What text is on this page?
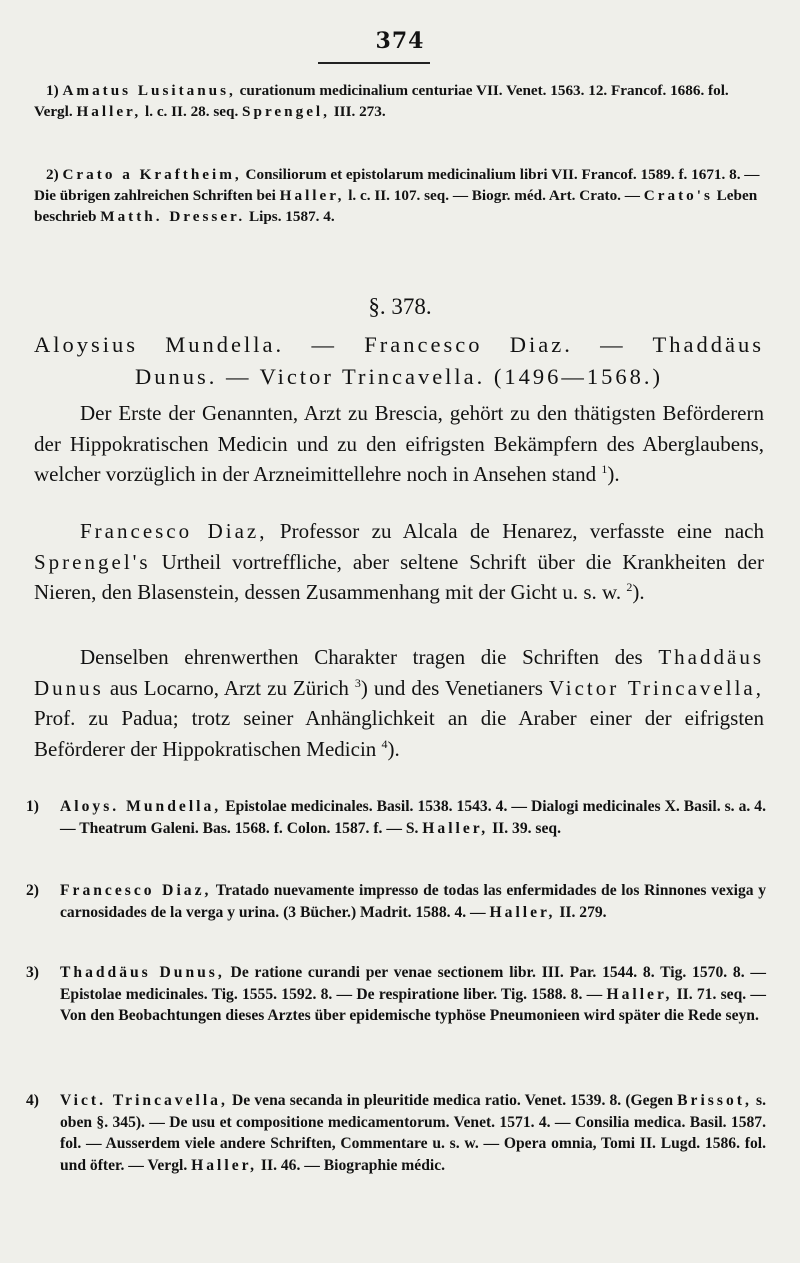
374
1) Amatus Lusitanus, curationum medicinalium centuriae VII. Venet. 1563. 12. Francof. 1686. fol. Vergl. Haller, l. c. II. 28. seq. Sprengel, III. 273.
2) Crato a Kraftheim, Consiliorum et epistolarum medicinalium libri VII. Francof. 1589. f. 1671. 8. — Die übrigen zahlreichen Schriften bei Haller, l. c. II. 107. seq. — Biogr. méd. Art. Crato. — Crato's Leben beschrieb Matth. Dresser. Lips. 1587. 4.
§. 378.
Aloysius Mundella. — Francesco Diaz. — Thaddäus
Dunus. — Victor Trincavella. (1496—1568.)
Der Erste der Genannten, Arzt zu Brescia, gehört zu den thätigsten Beförderern der Hippokratischen Medicin und zu den eifrigsten Bekämpfern des Aberglaubens, welcher vorzüglich in der Arzneimittellehre noch in Ansehen stand $^1$).
Francesco Diaz, Professor zu Alcala de Henarez, verfasste eine nach Sprengel's Urtheil vortreffliche, aber seltene Schrift über die Krankheiten der Nieren, den Blasenstein, dessen Zusammenhang mit der Gicht u. s. w. $^2$).
Denselben ehrenwerthen Charakter tragen die Schriften des Thaddäus Dunus aus Locarno, Arzt zu Zürich $^3$) und des Venetianers Victor Trincavella, Prof. zu Padua; trotz seiner Anhänglichkeit an die Araber einer der eifrigsten Beförderer der Hippokratischen Medicin $^4$).
1) Aloys. Mundella, Epistolae medicinales. Basil. 1538. 1543. 4. — Dialogi medicinales X. Basil. s. a. 4. — Theatrum Galeni. Bas. 1568. f. Colon. 1587. f. — S. Haller, II. 39. seq.
2) Francesco Diaz, Tratado nuevamente impresso de todas las enfermidades de los Rinnones vexiga y carnosidades de la verga y urina. (3 Bücher.) Madrit. 1588. 4. — Haller, II. 279.
3) Thaddäus Dunus, De ratione curandi per venae sectionem libr. III. Par. 1544. 8. Tig. 1570. 8. — Epistolae medicinales. Tig. 1555. 1592. 8. — De respiratione liber. Tig. 1588. 8. — Haller, II. 71. seq. — Von den Beobachtungen dieses Arztes über epidemische typhöse Pneumonieen wird später die Rede seyn.
4) Vict. Trincavella, De vena secanda in pleuritide medica ratio. Venet. 1539. 8. (Gegen Brissot, s. oben §. 345). — De usu et compositione medicamentorum. Venet. 1571. 4. — Consilia medica. Basil. 1587. fol. — Ausserdem viele andere Schriften, Commentare u. s. w. — Opera omnia, Tomi II. Lugd. 1586. fol. und öfter. — Vergl. Haller, II. 46. — Biographie médic.
